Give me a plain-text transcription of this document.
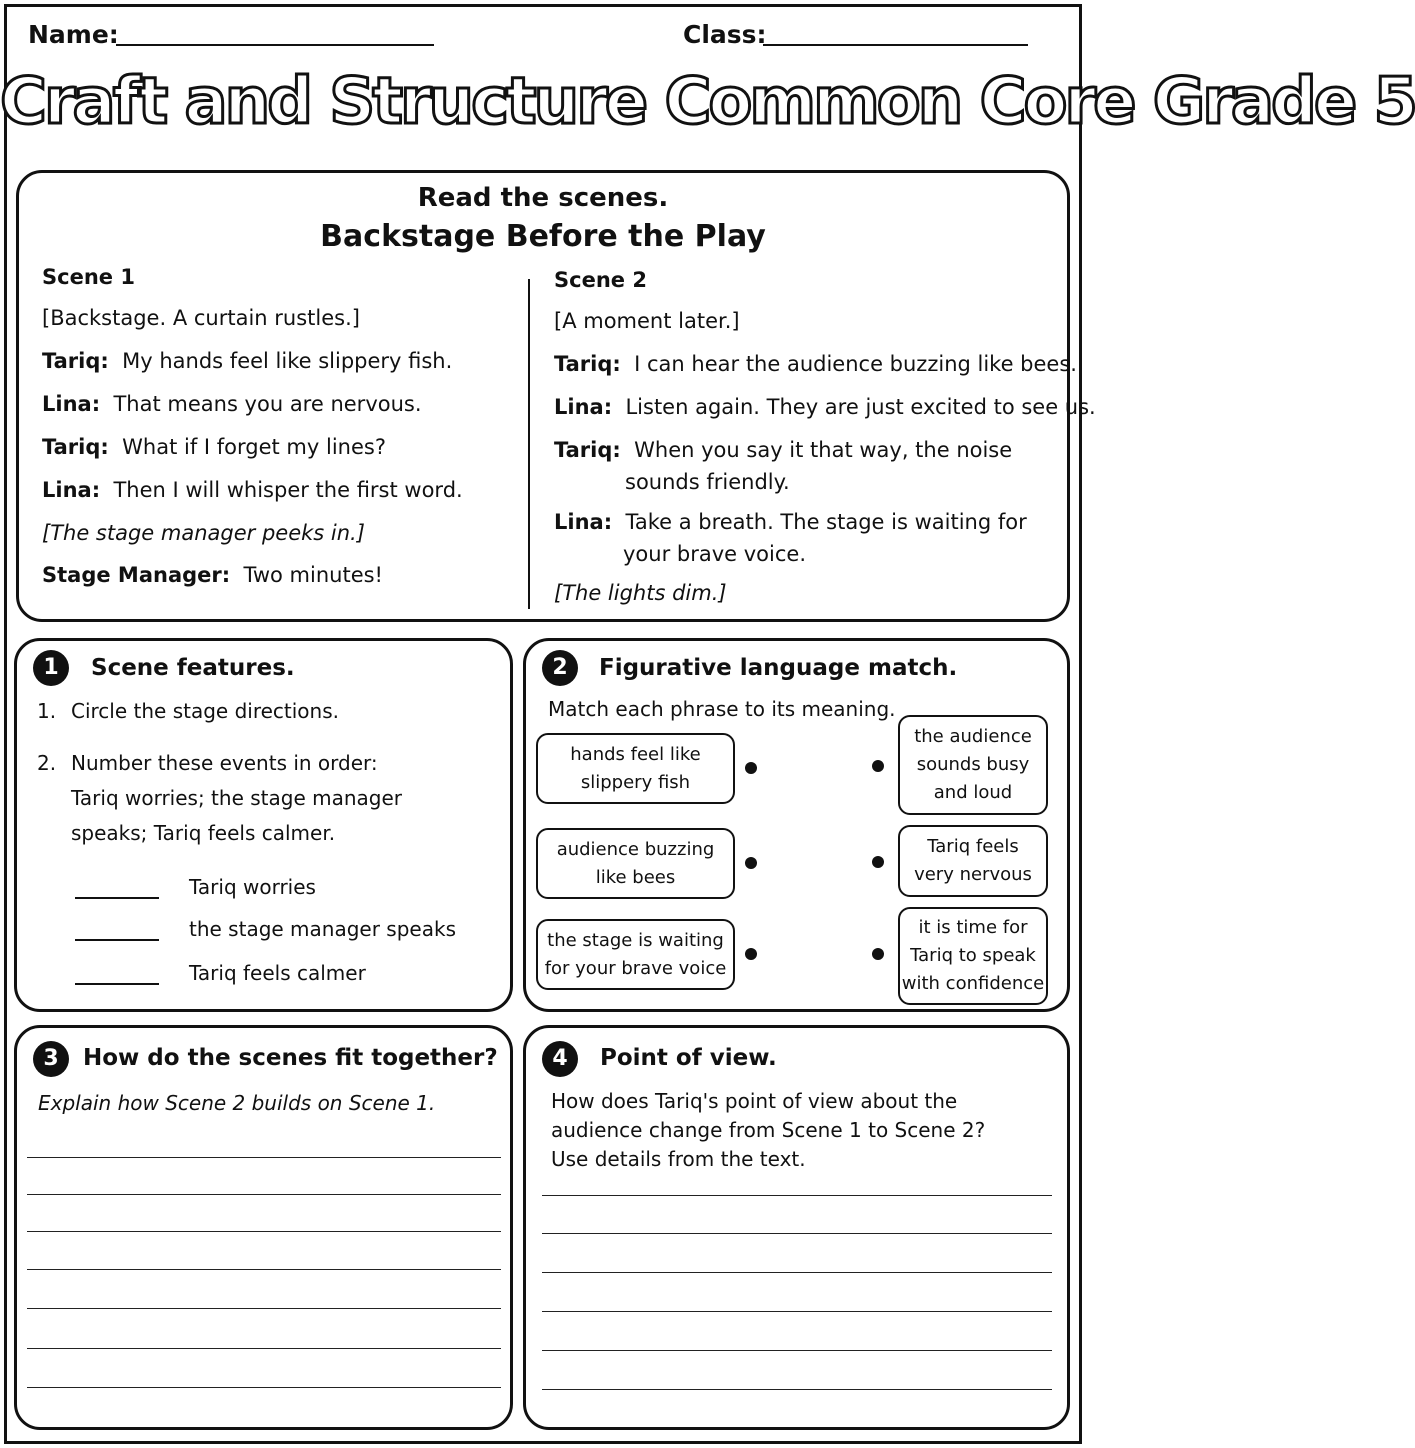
Name:	Class:
Craft and Structure Common Core Grade 5
Read the scenes.
Backstage Before the Play
Scene 1
[Backstage. A curtain rustles.]
Tariq: My hands feel like slippery fish.
Lina: That means you are nervous.
Tariq: What if I forget my lines?
Lina: Then I will whisper the first word.
[The stage manager peeks in.]
Stage Manager: Two minutes!
Scene 2
[A moment later.]
Tariq: I can hear the audience buzzing like bees.
Lina: Listen again. They are just excited to see us.
Tariq: When you say it that way, the noise
sounds friendly.
Lina: Take a breath. The stage is waiting for
your brave voice.
[The lights dim.]
1	Scene features.
1. Circle the stage directions.
2. Number these events in order:
Tariq worries; the stage manager
speaks; Tariq feels calmer.
Tariq worries
the stage manager speaks
Tariq feels calmer
2	Figurative language match.
Match each phrase to its meaning.
hands feel like
slippery fish
audience buzzing
like bees
the stage is waiting
for your brave voice
the audience
sounds busy
and loud
Tariq feels
very nervous
it is time for
Tariq to speak
with confidence
3	How do the scenes fit together?
Explain how Scene 2 builds on Scene 1.
4	Point of view.
How does Tariq's point of view about the
audience change from Scene 1 to Scene 2?
Use details from the text.
